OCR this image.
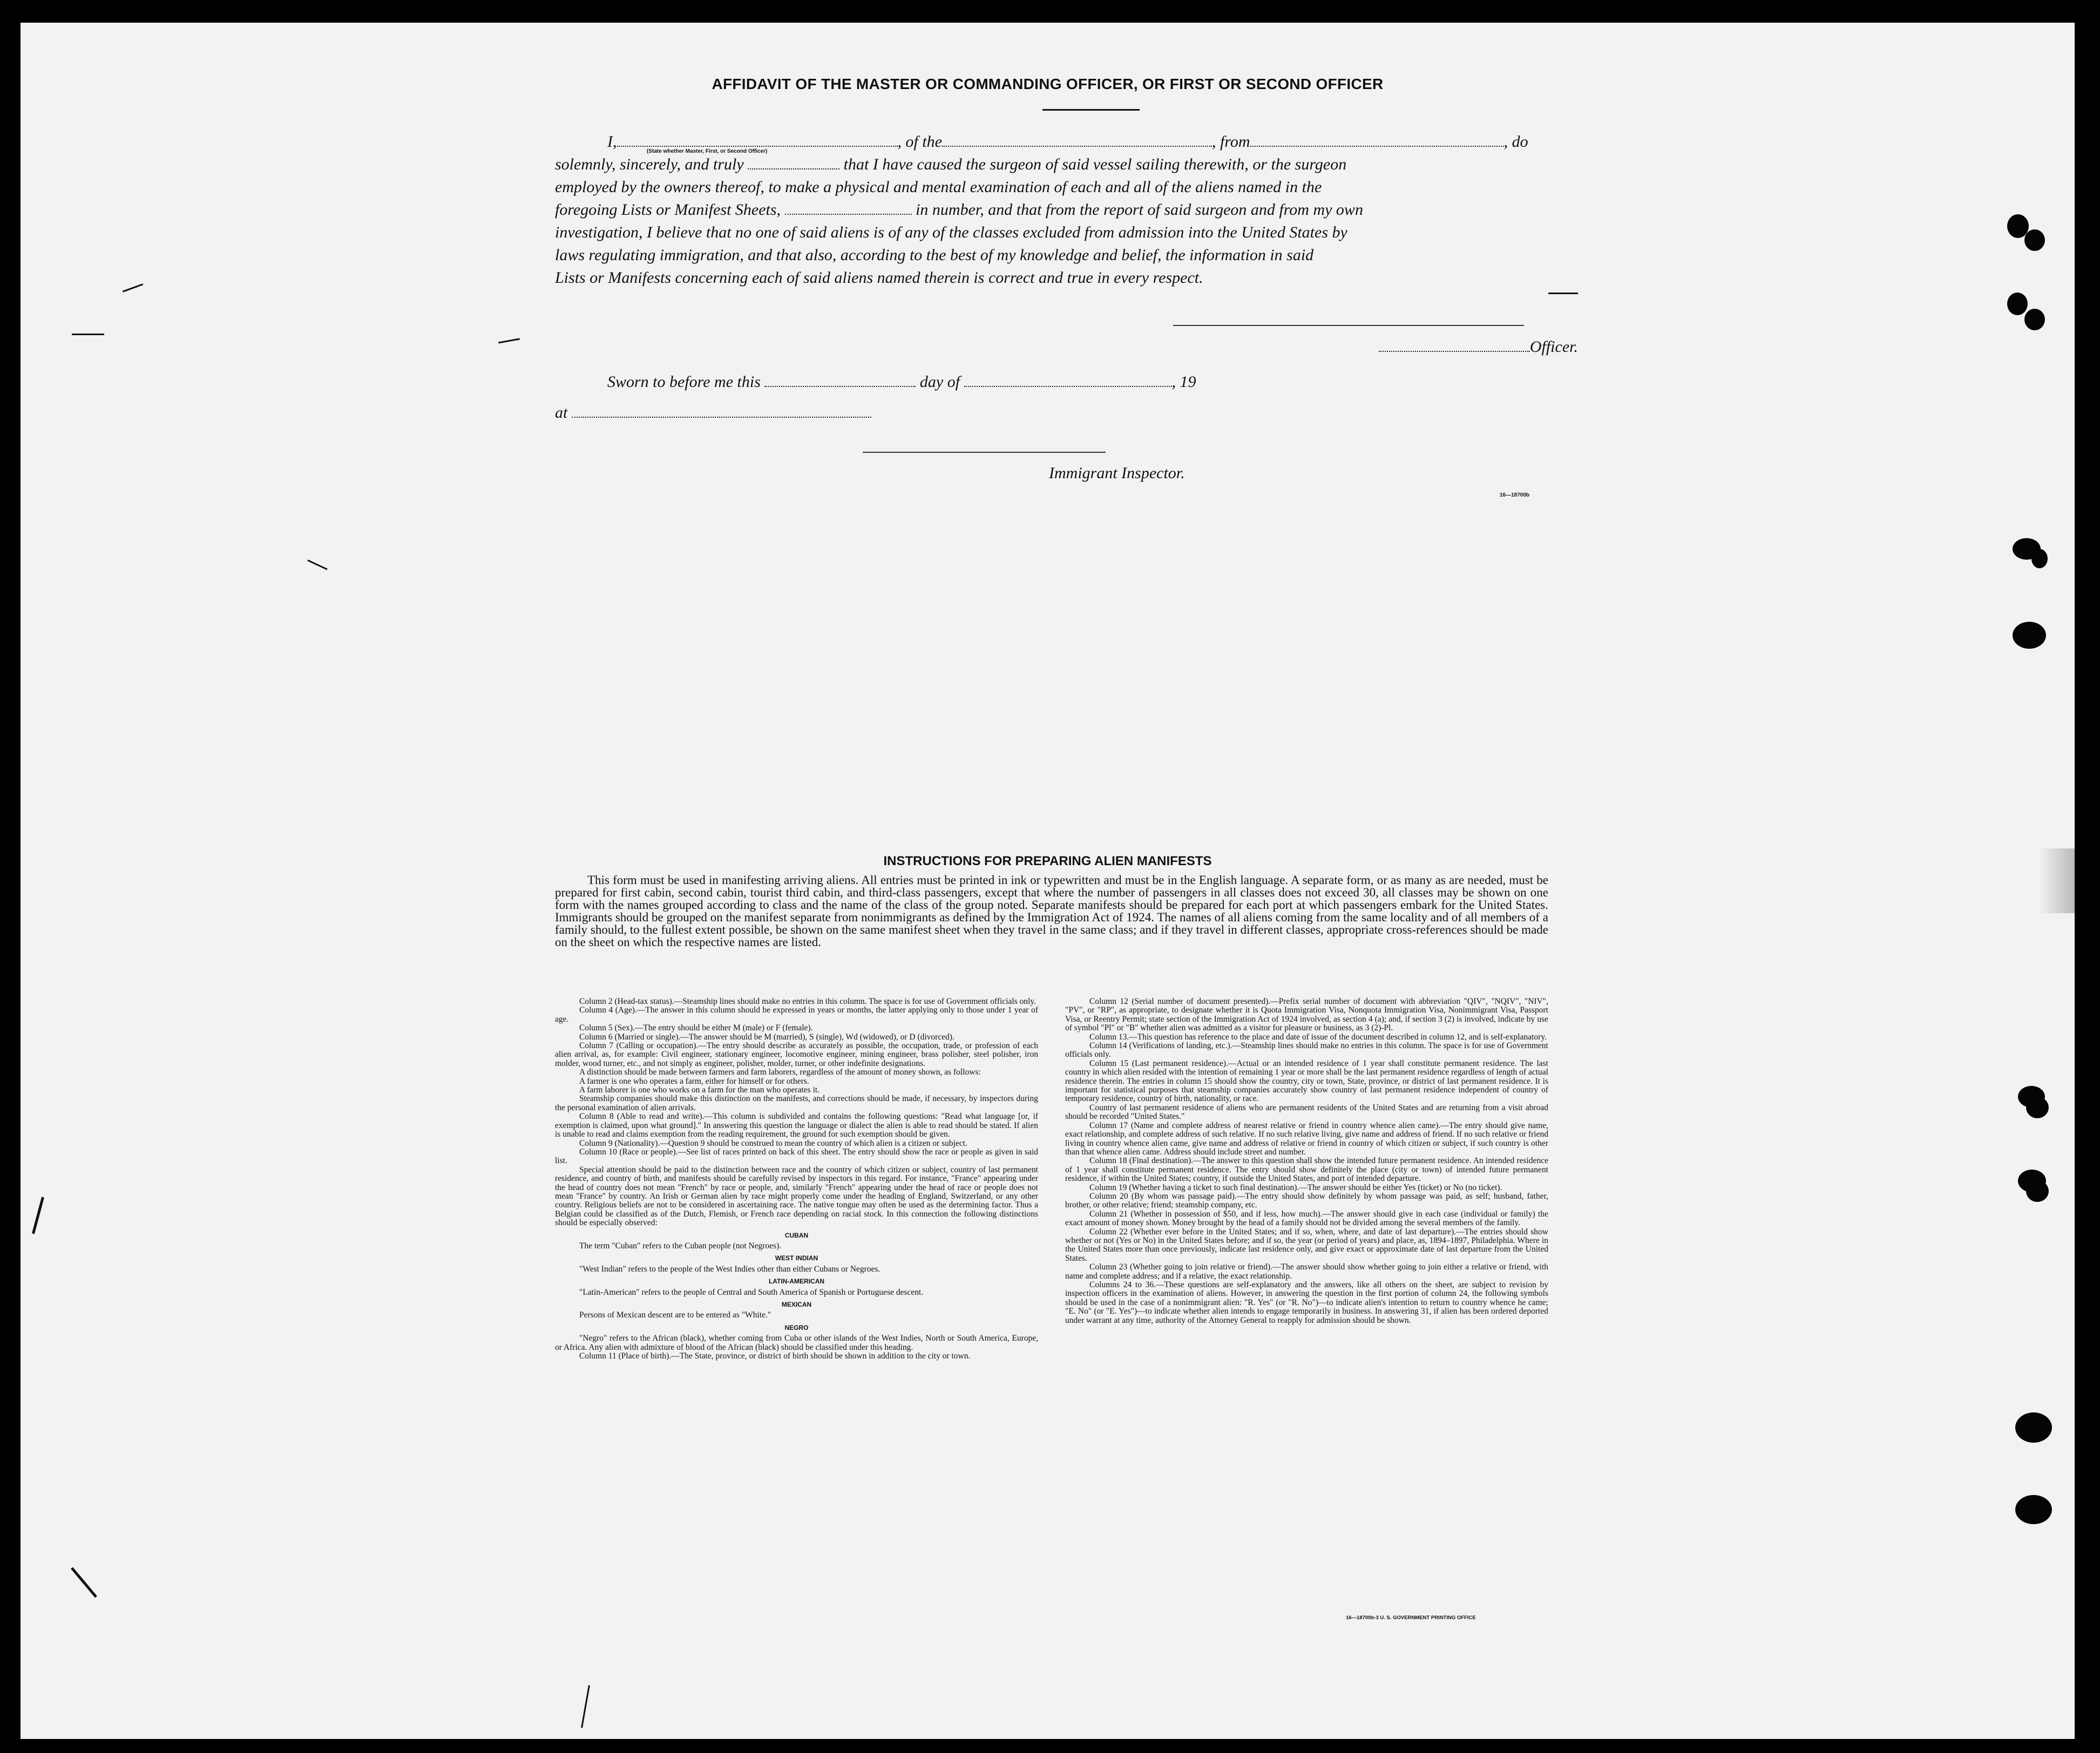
AFFIDAVIT OF THE MASTER OR COMMANDING OFFICER, OR FIRST OR SECOND OFFICER
I,	, of the	, from	, do
(State whether Master, First, or Second Officer)
solemnly, sincerely, and truly	that I have caused the surgeon of said vessel sailing therewith, or the surgeon
employed by the owners thereof, to make a physical and mental examination of each and all of the aliens named in the
foregoing Lists or Manifest Sheets,	in number, and that from the report of said surgeon and from my own
investigation, I believe that no one of said aliens is of any of the classes excluded from admission into the United States by
laws regulating immigration, and that also, according to the best of my knowledge and belief, the information in said
Lists or Manifests concerning each of said aliens named therein is correct and true in every respect.
Officer.
Sworn to before me this	day of	, 19
at
Immigrant Inspector.
16—18700b
INSTRUCTIONS FOR PREPARING ALIEN MANIFESTS

This form must be used in manifesting arriving aliens. All entries must be printed in ink or typewritten and must be in the English language. A separate form, or as many as are needed, must be prepared for first cabin, second cabin, tourist third cabin, and third-class passengers, except that where the number of passengers in all classes does not exceed 30, all classes may be shown on one form with the names grouped according to class and the name of the class of the group noted. Separate manifests should be prepared for each port at which passengers embark for the United States. Immigrants should be grouped on the manifest separate from nonimmigrants as defined by the Immigration Act of 1924. The names of all aliens coming from the same locality and of all members of a family should, to the fullest extent possible, be shown on the same manifest sheet when they travel in the same class; and if they travel in different classes, appropriate cross-references should be made on the sheet on which the respective names are listed.

Column 2 (Head-tax status).—Steamship lines should make no entries in this column. The space is for use of Government officials only.

Column 4 (Age).—The answer in this column should be expressed in years or months, the latter applying only to those under 1 year of age.

Column 5 (Sex).—The entry should be either M (male) or F (female).

Column 6 (Married or single).—The answer should be M (married), S (single), Wd (widowed), or D (divorced).

Column 7 (Calling or occupation).—The entry should describe as accurately as possible, the occupation, trade, or profession of each alien arrival, as, for example: Civil engineer, stationary engineer, locomotive engineer, mining engineer, brass polisher, steel polisher, iron molder, wood turner, etc., and not simply as engineer, polisher, molder, turner, or other indefinite designations.

A distinction should be made between farmers and farm laborers, regardless of the amount of money shown, as follows:

A farmer is one who operates a farm, either for himself or for others.

A farm laborer is one who works on a farm for the man who operates it.

Steamship companies should make this distinction on the manifests, and corrections should be made, if necessary, by inspectors during the personal examination of alien arrivals.

Column 8 (Able to read and write).—This column is subdivided and contains the following questions: "Read what language [or, if exemption is claimed, upon what ground]." In answering this question the language or dialect the alien is able to read should be stated. If alien is unable to read and claims exemption from the reading requirement, the ground for such exemption should be given.

Column 9 (Nationality).—Question 9 should be construed to mean the country of which alien is a citizen or subject.

Column 10 (Race or people).—See list of races printed on back of this sheet. The entry should show the race or people as given in said list.

Special attention should be paid to the distinction between race and the country of which citizen or subject, country of last permanent residence, and country of birth, and manifests should be carefully revised by inspectors in this regard. For instance, "France" appearing under the head of country does not mean "French" by race or people, and, similarly "French" appearing under the head of race or people does not mean "France" by country. An Irish or German alien by race might properly come under the heading of England, Switzerland, or any other country. Religious beliefs are not to be considered in ascertaining race. The native tongue may often be used as the determining factor. Thus a Belgian could be classified as of the Dutch, Flemish, or French race depending on racial stock. In this connection the following distinctions should be especially observed:

CUBAN

The term "Cuban" refers to the Cuban people (not Negroes).

WEST INDIAN

"West Indian" refers to the people of the West Indies other than either Cubans or Negroes.

LATIN-AMERICAN

"Latin-American" refers to the people of Central and South America of Spanish or Portuguese descent.

MEXICAN

Persons of Mexican descent are to be entered as "White."

NEGRO

"Negro" refers to the African (black), whether coming from Cuba or other islands of the West Indies, North or South America, Europe, or Africa. Any alien with admixture of blood of the African (black) should be classified under this heading.

Column 11 (Place of birth).—The State, province, or district of birth should be shown in addition to the city or town.

Column 12 (Serial number of document presented).—Prefix serial number of document with abbreviation "QIV", "NQIV", "NIV", "PV", or "RP", as appropriate, to designate whether it is Quota Immigration Visa, Nonquota Immigration Visa, Nonimmigrant Visa, Passport Visa, or Reentry Permit; state section of the Immigration Act of 1924 involved, as section 4 (a); and, if section 3 (2) is involved, indicate by use of symbol "Pl" or "B" whether alien was admitted as a visitor for pleasure or business, as 3 (2)-Pl.

Column 13.—This question has reference to the place and date of issue of the document described in column 12, and is self-explanatory.

Column 14 (Verifications of landing, etc.).—Steamship lines should make no entries in this column. The space is for use of Government officials only.

Column 15 (Last permanent residence).—Actual or an intended residence of 1 year shall constitute permanent residence. The last country in which alien resided with the intention of remaining 1 year or more shall be the last permanent residence regardless of length of actual residence therein. The entries in column 15 should show the country, city or town, State, province, or district of last permanent residence. It is important for statistical purposes that steamship companies accurately show country of last permanent residence independent of country of temporary residence, country of birth, nationality, or race.

Country of last permanent residence of aliens who are permanent residents of the United States and are returning from a visit abroad should be recorded "United States."

Column 17 (Name and complete address of nearest relative or friend in country whence alien came).—The entry should give name, exact relationship, and complete address of such relative. If no such relative living, give name and address of friend. If no such relative or friend living in country whence alien came, give name and address of relative or friend in country of which citizen or subject, if such country is other than that whence alien came. Address should include street and number.

Column 18 (Final destination).—The answer to this question shall show the intended future permanent residence. An intended residence of 1 year shall constitute permanent residence. The entry should show definitely the place (city or town) of intended future permanent residence, if within the United States; country, if outside the United States, and port of intended departure.

Column 19 (Whether having a ticket to such final destination).—The answer should be either Yes (ticket) or No (no ticket).

Column 20 (By whom was passage paid).—The entry should show definitely by whom passage was paid, as self; husband, father, brother, or other relative; friend; steamship company, etc.

Column 21 (Whether in possession of $50, and if less, how much).—The answer should give in each case (individual or family) the exact amount of money shown. Money brought by the head of a family should not be divided among the several members of the family.

Column 22 (Whether ever before in the United States; and if so, when, where, and date of last departure).—The entries should show whether or not (Yes or No) in the United States before; and if so, the year (or period of years) and place, as, 1894–1897, Philadelphia. Where in the United States more than once previously, indicate last residence only, and give exact or approximate date of last departure from the United States.

Column 23 (Whether going to join relative or friend).—The answer should show whether going to join either a relative or friend, with name and complete address; and if a relative, the exact relationship.

Columns 24 to 36.—These questions are self-explanatory and the answers, like all others on the sheet, are subject to revision by inspection officers in the examination of aliens. However, in answering the question in the first portion of column 24, the following symbols should be used in the case of a nonimmigrant alien: "R. Yes" (or "R. No")—to indicate alien's intention to return to country whence he came; "E. No" (or "E. Yes")—to indicate whether alien intends to engage temporarily in business. In answering 31, if alien has been ordered deported under warrant at any time, authority of the Attorney General to reapply for admission should be shown.

16—18700b-3 U. S. GOVERNMENT PRINTING OFFICE
